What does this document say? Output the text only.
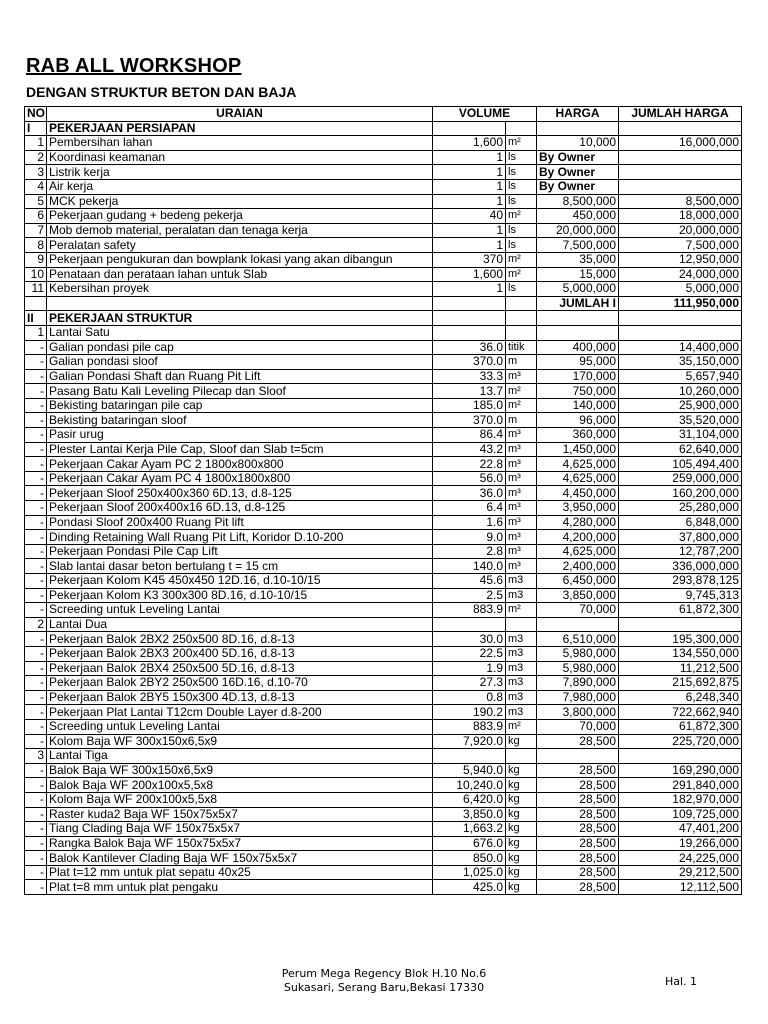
RAB ALL WORKSHOP
DENGAN STRUKTUR BETON DAN BAJA
NO	URAIAN	VOLUME		HARGA	JUMLAH HARGA
I	PEKERJAAN PERSIAPAN				
1	Pembersihan lahan	1,600	m²	10,000	16,000,000
2	Koordinasi keamanan	1	ls	By Owner	
3	Listrik kerja	1	ls	By Owner	
4	Air kerja	1	ls	By Owner	
5	MCK pekerja	1	ls	8,500,000	8,500,000
6	Pekerjaan gudang + bedeng pekerja	40	m²	450,000	18,000,000
7	Mob demob material, peralatan dan tenaga kerja	1	ls	20,000,000	20,000,000
8	Peralatan safety	1	ls	7,500,000	7,500,000
9	Pekerjaan pengukuran dan bowplank lokasi yang akan dibangun	370	m²	35,000	12,950,000
10	Penataan dan perataan lahan untuk Slab	1,600	m²	15,000	24,000,000
11	Kebersihan proyek	1	ls	5,000,000	5,000,000
				JUMLAH I	111,950,000
II	PEKERJAAN STRUKTUR				
1	Lantai Satu				
-	Galian pondasi pile cap	36.0	titik	400,000	14,400,000
-	Galian pondasi sloof	370.0	m	95,000	35,150,000
-	Galian Pondasi Shaft dan Ruang Pit Lift	33.3	m³	170,000	5,657,940
-	Pasang Batu Kali Leveling Pilecap dan Sloof	13.7	m²	750,000	10,260,000
-	Bekisting bataringan pile cap	185.0	m²	140,000	25,900,000
-	Bekisting bataringan sloof	370.0	m	96,000	35,520,000
-	Pasir urug	86.4	m³	360,000	31,104,000
-	Plester Lantai Kerja Pile Cap, Sloof dan Slab t=5cm	43.2	m³	1,450,000	62,640,000
-	Pekerjaan Cakar Ayam PC 2 1800x800x800	22.8	m³	4,625,000	105,494,400
-	Pekerjaan Cakar Ayam PC 4 1800x1800x800	56.0	m³	4,625,000	259,000,000
-	Pekerjaan Sloof 250x400x360 6D.13, d.8-125	36.0	m³	4,450,000	160,200,000
-	Pekerjaan Sloof 200x400x16 6D.13, d.8-125	6.4	m³	3,950,000	25,280,000
-	Pondasi Sloof 200x400 Ruang Pit lift	1.6	m³	4,280,000	6,848,000
-	Dinding Retaining Wall Ruang Pit Lift, Koridor D.10-200	9.0	m³	4,200,000	37,800,000
-	Pekerjaan Pondasi Pile Cap Lift	2.8	m³	4,625,000	12,787,200
-	Slab lantai dasar beton bertulang t = 15 cm	140.0	m³	2,400,000	336,000,000
-	Pekerjaan Kolom K45 450x450 12D.16, d.10-10/15	45.6	m3	6,450,000	293,878,125
-	Pekerjaan Kolom K3 300x300 8D.16, d.10-10/15	2.5	m3	3,850,000	9,745,313
-	Screeding untuk Leveling Lantai	883.9	m²	70,000	61,872,300
2	Lantai Dua				
-	Pekerjaan Balok 2BX2 250x500 8D.16, d.8-13	30.0	m3	6,510,000	195,300,000
-	Pekerjaan Balok 2BX3 200x400 5D.16, d.8-13	22.5	m3	5,980,000	134,550,000
-	Pekerjaan Balok 2BX4 250x500 5D.16, d.8-13	1.9	m3	5,980,000	11,212,500
-	Pekerjaan Balok 2BY2 250x500 16D.16, d.10-70	27.3	m3	7,890,000	215,692,875
-	Pekerjaan Balok 2BY5 150x300 4D.13, d.8-13	0.8	m3	7,980,000	6,248,340
-	Pekerjaan Plat Lantai T12cm Double Layer d.8-200	190.2	m3	3,800,000	722,662,940
-	Screeding untuk Leveling Lantai	883.9	m²	70,000	61,872,300
-	Kolom Baja WF 300x150x6,5x9	7,920.0	kg	28,500	225,720,000
3	Lantai Tiga				
-	Balok Baja WF 300x150x6,5x9	5,940.0	kg	28,500	169,290,000
-	Balok Baja WF 200x100x5,5x8	10,240.0	kg	28,500	291,840,000
-	Kolom Baja WF 200x100x5,5x8	6,420.0	kg	28,500	182,970,000
-	Raster kuda2 Baja WF 150x75x5x7	3,850.0	kg	28,500	109,725,000
-	Tiang Clading Baja WF 150x75x5x7	1,663.2	kg	28,500	47,401,200
-	Rangka Balok Baja WF 150x75x5x7	676.0	kg	28,500	19,266,000
-	Balok Kantilever Clading Baja WF 150x75x5x7	850.0	kg	28,500	24,225,000
-	Plat t=12 mm untuk plat sepatu 40x25	1,025.0	kg	28,500	29,212,500
-	Plat t=8 mm untuk plat pengaku	425.0	kg	28,500	12,112,500
Perum Mega Regency Blok H.10 No.6
Sukasari, Serang Baru,Bekasi 17330	Hal. 1
